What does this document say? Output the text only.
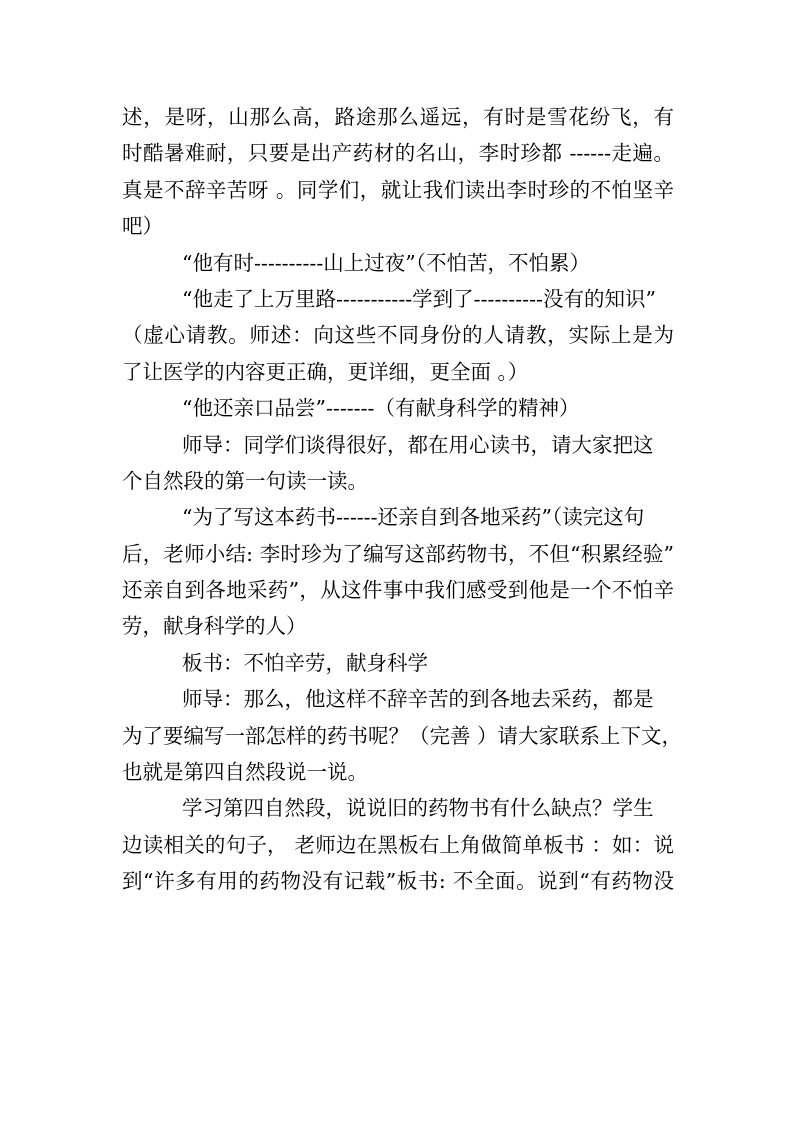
述，是呀，山那么高，路途那么遥远，有时是雪花纷飞，有
时酷暑难耐，只要是出产药材的名山，李时珍都 ------走遍。
真是不辞辛苦呀 。同学们，就让我们读出李时珍的不怕坚辛
吧）
“他有时----------山上过夜”（不怕苦，不怕累）
“他走了上万里路-----------学到了----------没有的知识”
（虚心请教。师述：向这些不同身份的人请教，实际上是为
了让医学的内容更正确，更详细，更全面 。）
“他还亲口品尝”-------（有献身科学的精神）
师导：同学们谈得很好，都在用心读书，请大家把这
个自然段的第一句读一读。
“为了写这本药书------还亲自到各地采药”（读完这句
后，老师小结: 李时珍为了编写这部药物书，不但“积累经验”
还亲自到各地采药”，从这件事中我们感受到他是一个不怕辛
劳，献身科学的人）
板书：不怕辛劳，献身科学
师导：那么，他这样不辞辛苦的到各地去采药，都是
为了要编写一部怎样的药书呢？（完善 ）请大家联系上下文，
也就是第四自然段说一说。
学习第四自然段，说说旧的药物书有什么缺点？学生
边读相关的句子， 老师边在黑板右上角做简单板书 ：如：说
到“许多有用的药物没有记载”板书: 不全面。说到“有药物没
